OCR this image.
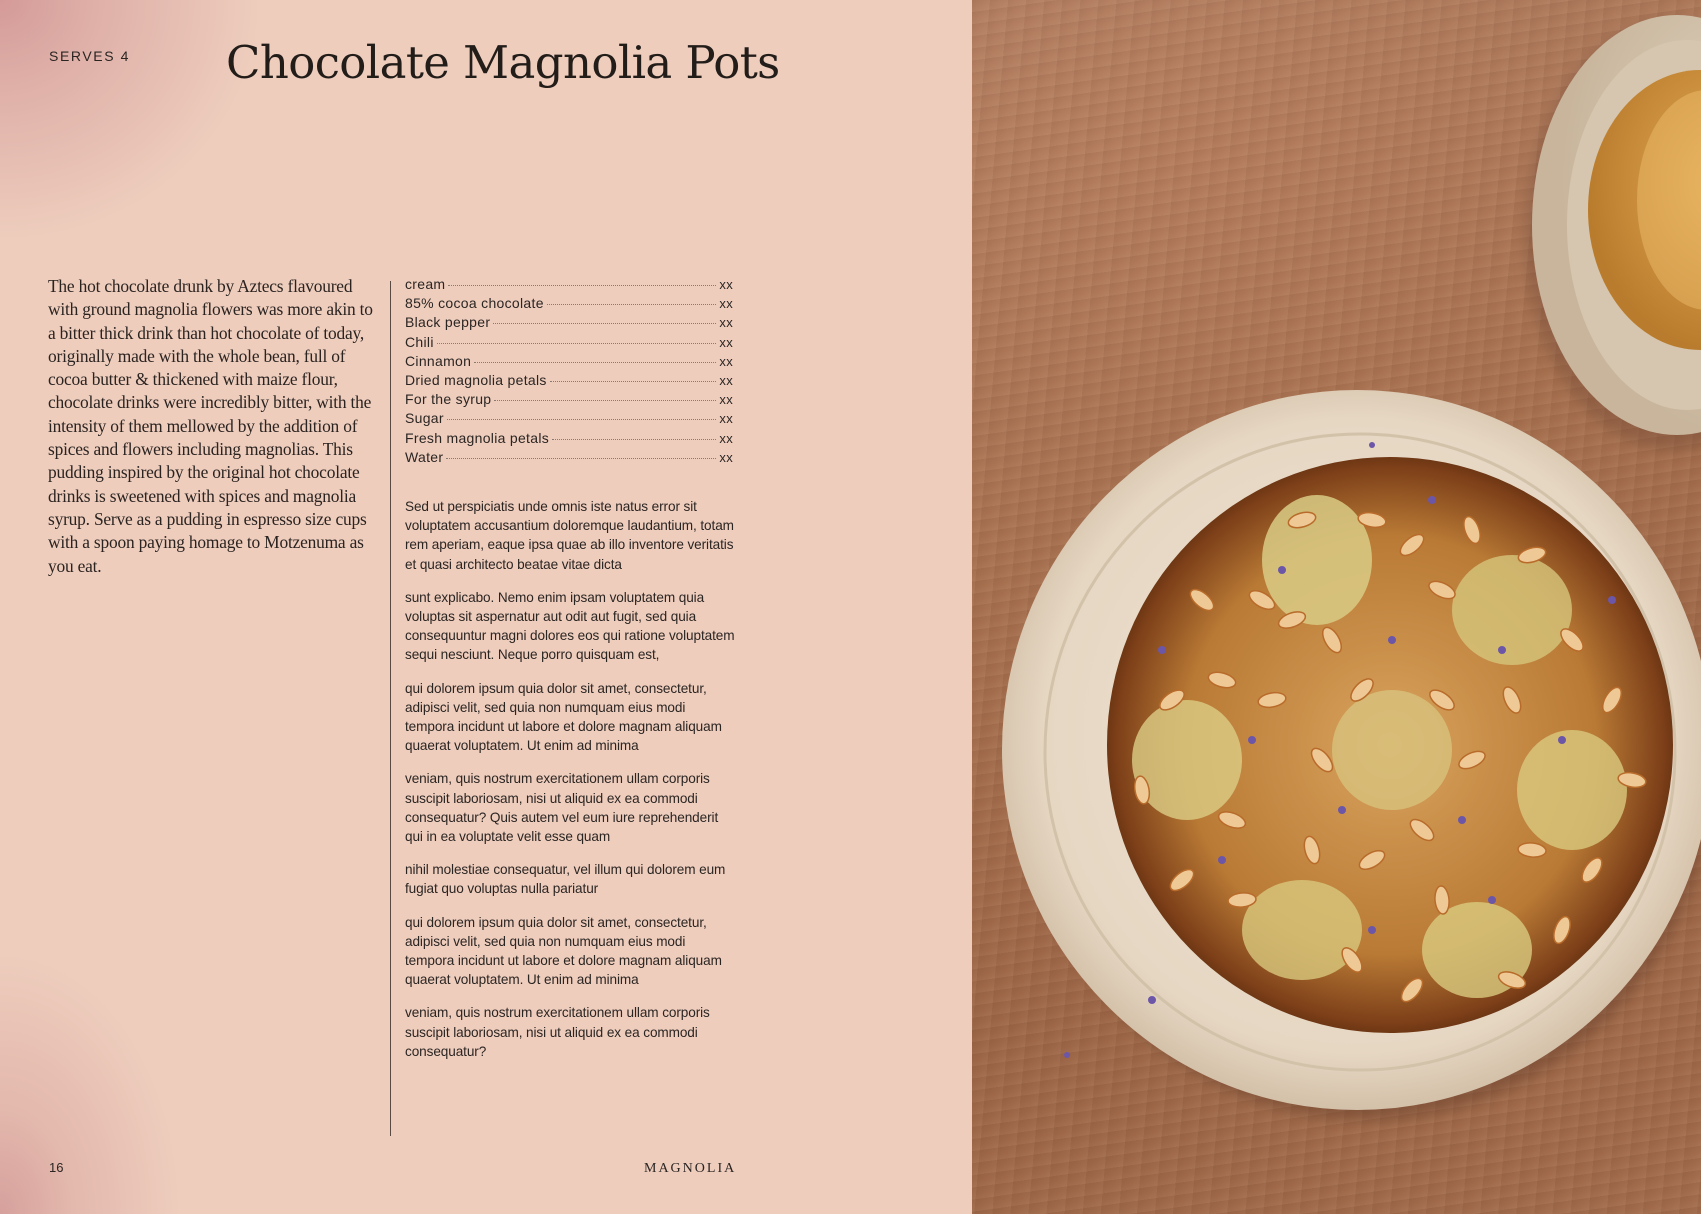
SERVES 4 Chocolate Magnolia Pots

The hot chocolate drunk by Aztecs flavoured with ground magnolia flowers was more akin to a bitter thick drink than hot chocolate of today, originally made with the whole bean, full of cocoa butter & thickened with maize flour, chocolate drinks were incredibly bitter, with the intensity of them mellowed by the addition of spices and flowers including magnolias. This pudding inspired by the original hot chocolate drinks is sweetened with spices and magnolia syrup. Serve as a pudding in espresso size cups with a spoon paying homage to Motzenuma as you eat.

cream	xx
85% cocoa chocolate	xx
Black pepper	xx
Chili	xx
Cinnamon	xx
Dried magnolia petals	xx
For the syrup	xx
Sugar	xx
Fresh magnolia petals	xx
Water	xx

Sed ut perspiciatis unde omnis iste natus error sit voluptatem accusantium doloremque laudantium, totam rem aperiam, eaque ipsa quae ab illo inventore veritatis et quasi architecto beatae vitae dicta

sunt explicabo. Nemo enim ipsam voluptatem quia voluptas sit aspernatur aut odit aut fugit, sed quia consequuntur magni dolores eos qui ratione voluptatem sequi nesciunt. Neque porro quisquam est,

qui dolorem ipsum quia dolor sit amet, consectetur, adipisci velit, sed quia non numquam eius modi tempora incidunt ut labore et dolore magnam aliquam quaerat voluptatem. Ut enim ad minima

veniam, quis nostrum exercitationem ullam corporis suscipit laboriosam, nisi ut aliquid ex ea commodi consequatur? Quis autem vel eum iure reprehenderit qui in ea voluptate velit esse quam

nihil molestiae consequatur, vel illum qui dolorem eum fugiat quo voluptas nulla pariatur

qui dolorem ipsum quia dolor sit amet, consectetur, adipisci velit, sed quia non numquam eius modi tempora incidunt ut labore et dolore magnam aliquam quaerat voluptatem. Ut enim ad minima

veniam, quis nostrum exercitationem ullam corporis suscipit laboriosam, nisi ut aliquid ex ea commodi consequatur?

16	MAGNOLIA
